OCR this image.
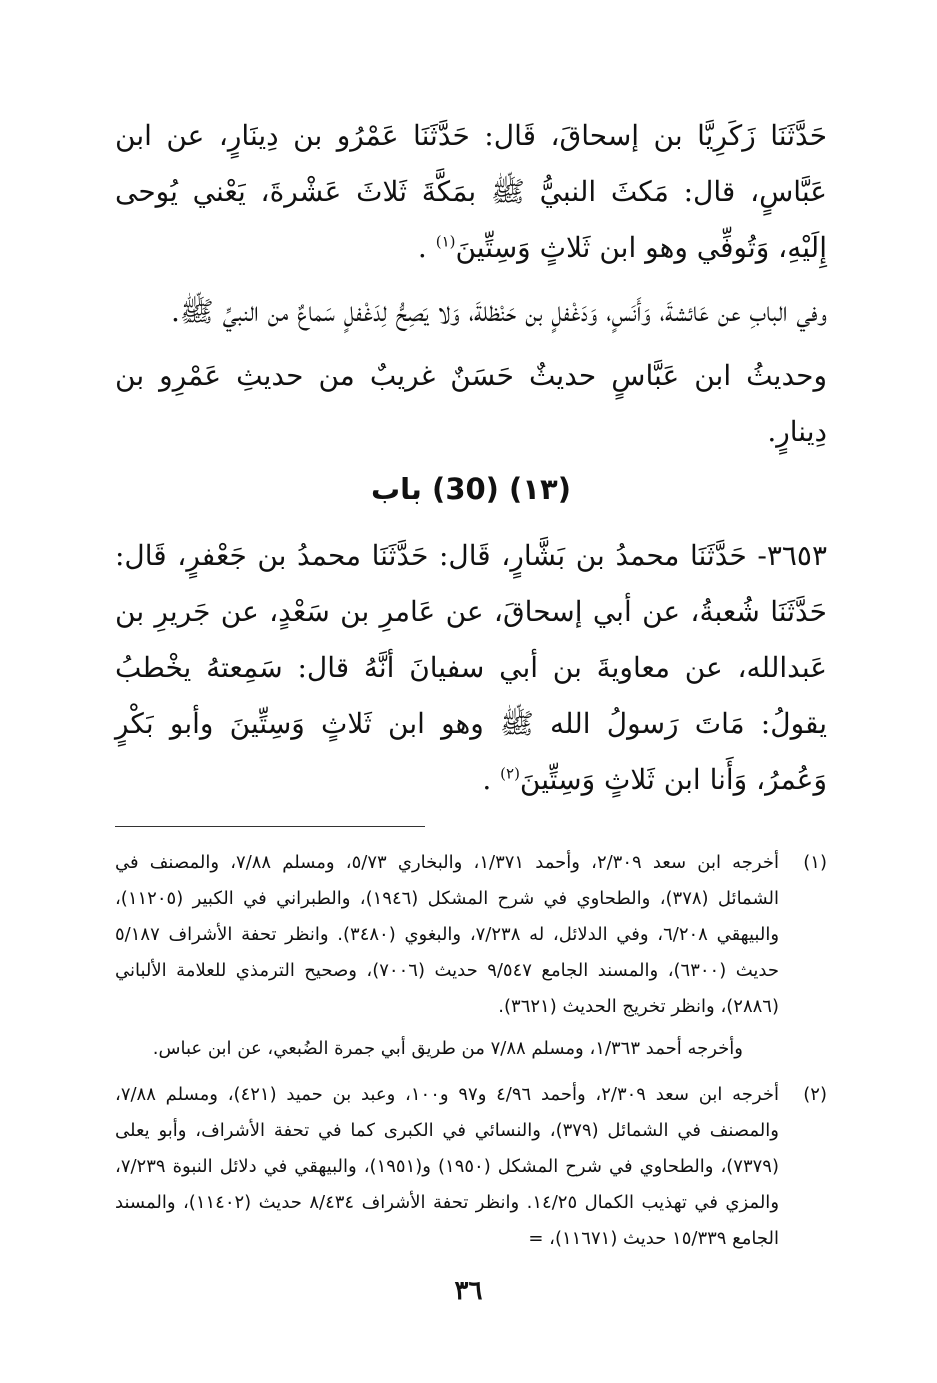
حَدَّثَنَا زَكَرِيَّا بن إسحاقَ، قَال: حَدَّثَنَا عَمْرُو بن دِينَارٍ، عن ابن عَبَّاسٍ، قال: مَكثَ النبيُّ ﷺ بمَكَّةَ ثَلاثَ عَشْرةَ، يَعْني يُوحى إِلَيْهِ، وَتُوفِّي وهو ابن ثَلاثٍ وَسِتِّينَ$^{(١)}$ .

وفي البابِ عن عَائشةَ، وَأَنَسٍ، وَدَغْفلٍ بن حَنْظلةَ، وَلا يَصِحُّ لِدَغْفلٍ سَماعٌ من النبيِّ ﷺ.

وحديثُ ابن عَبَّاسٍ حديثٌ حَسَنٌ غريبٌ من حديثِ عَمْرِو بن دِينارٍ.

(١٣) (30) باب

٣٦٥٣- حَدَّثَنَا محمدُ بن بَشَّارٍ، قَال: حَدَّثَنَا محمدُ بن جَعْفرٍ، قَال: حَدَّثَنَا شُعبةُ، عن أبي إسحاقَ، عن عَامرِ بن سَعْدٍ، عن جَريرِ بن عَبدالله، عن معاويةَ بن أبي سفيانَ أنَّهُ قال: سَمِعتهُ يخْطبُ يقولُ: مَاتَ رَسولُ الله ﷺ وهو ابن ثَلاثٍ وَسِتِّينَ وأبو بَكْرٍ وَعُمرُ، وَأَنا ابن ثَلاثٍ وَسِتِّينَ$^{(٢)}$ .

(١)

أخرجه ابن سعد ٢/٣٠٩، وأحمد ١/٣٧١، والبخاري ٥/٧٣، ومسلم ٧/٨٨، والمصنف في الشمائل (٣٧٨)، والطحاوي في شرح المشكل (١٩٤٦)، والطبراني في الكبير (١١٢٠٥)، والبيهقي ٦/٢٠٨، وفي الدلائل، له ٧/٢٣٨، والبغوي (٣٤٨٠). وانظر تحفة الأشراف ٥/١٨٧ حديث (٦٣٠٠)، والمسند الجامع ٩/٥٤٧ حديث (٧٠٠٦)، وصحيح الترمذي للعلامة الألباني (٢٨٨٦)، وانظر تخريج الحديث (٣٦٢١).

وأخرجه أحمد ١/٣٦٣، ومسلم ٧/٨٨ من طريق أبي جمرة الضُبعي، عن ابن عباس.

(٢)

أخرجه ابن سعد ٢/٣٠٩، وأحمد ٤/٩٦ و٩٧ و١٠٠، وعبد بن حميد (٤٢١)، ومسلم ٧/٨٨، والمصنف في الشمائل (٣٧٩)، والنسائي في الكبرى كما في تحفة الأشراف، وأبو يعلى (٧٣٧٩)، والطحاوي في شرح المشكل (١٩٥٠) و(١٩٥١)، والبيهقي في دلائل النبوة ٧/٢٣٩، والمزي في تهذيب الكمال ١٤/٢٥. وانظر تحفة الأشراف ٨/٤٣٤ حديث (١١٤٠٢)، والمسند الجامع ١٥/٣٣٩ حديث (١١٦٧١)، =

٣٦
